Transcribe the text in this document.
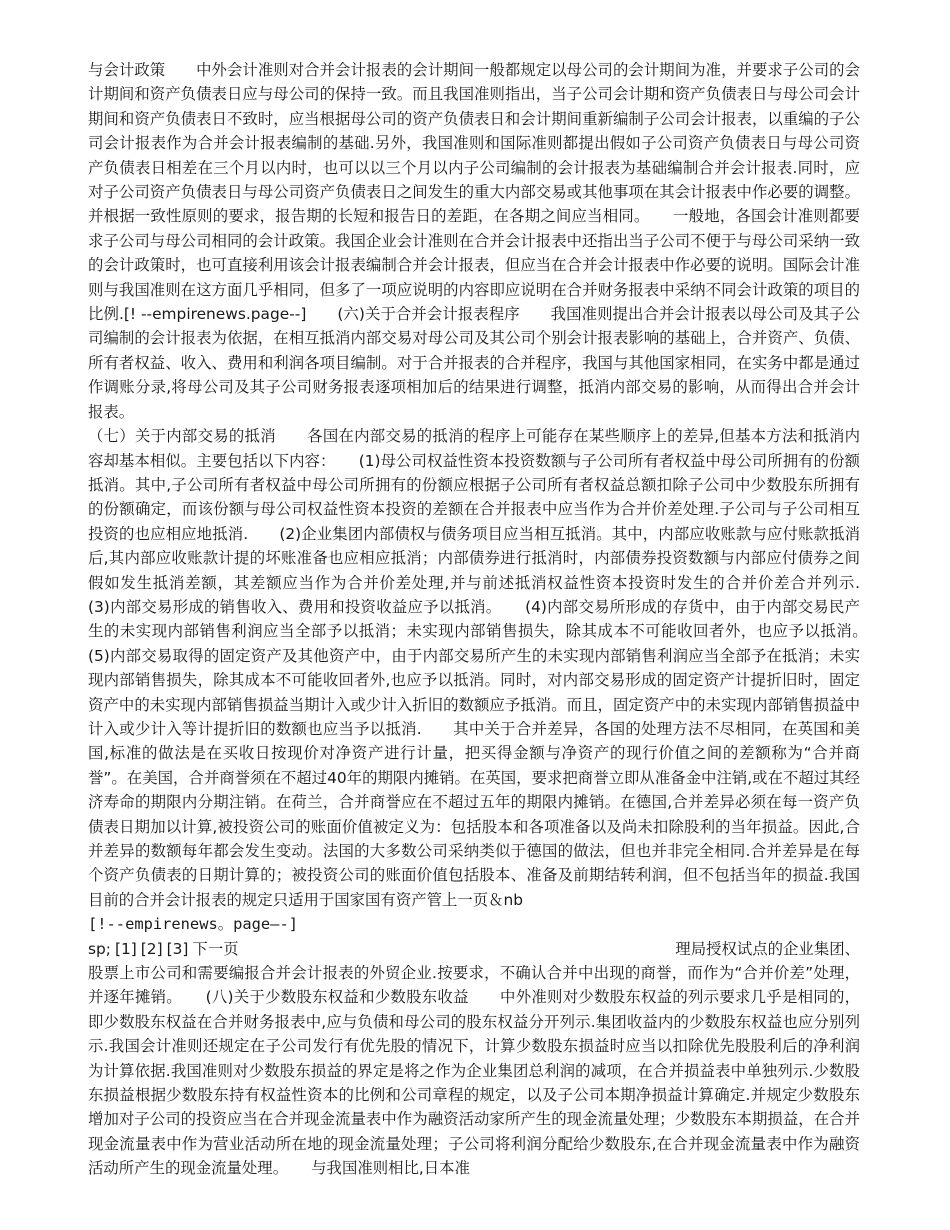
与会计政策　　中外会计准则对合并会计报表的会计期间一般都规定以母公司的会计期间为准，并要求子公司的会计期间和资产负债表日应与母公司的保持一致。而且我国准则指出，当子公司会计期和资产负债表日与母公司会计期间和资产负债表日不致时，应当根据母公司的资产负债表日和会计期间重新编制子公司会计报表，以重编的子公司会计报表作为合并会计报表编制的基础.另外，我国准则和国际准则都提出假如子公司资产负债表日与母公司资产负债表日相差在三个月以内时，也可以以三个月以内子公司编制的会计报表为基础编制合并会计报表.同时，应对子公司资产负债表日与母公司资产负债表日之间发生的重大内部交易或其他事项在其会计报表中作必要的调整。并根据一致性原则的要求，报告期的长短和报告日的差距，在各期之间应当相同。　　一般地，各国会计准则都要求子公司与母公司相同的会计政策。我国企业会计准则在合并会计报表中还指出当子公司不便于与母公司采纳一致的会计政策时，也可直接利用该会计报表编制合并会计报表，但应当在合并会计报表中作必要的说明。国际会计准则与我国准则在这方面几乎相同，但多了一项应说明的内容即应说明在合并财务报表中采纳不同会计政策的项目的比例.[! --empirenews.page--]　　(六)关于合并会计报表程序　　我国准则提出合并会计报表以母公司及其子公司编制的会计报表为依据，在相互抵消内部交易对母公司及其公司个别会计报表影响的基础上，合并资产、负债、所有者权益、收入、费用和利润各项目编制。对于合并报表的合并程序，我国与其他国家相同，在实务中都是通过作调账分录,将母公司及其子公司财务报表逐项相加后的结果进行调整，抵消内部交易的影响，从而得出合并会计报表。

（七）关于内部交易的抵消　　各国在内部交易的抵消的程序上可能存在某些顺序上的差异,但基本方法和抵消内容却基本相似。主要包括以下内容：　　(1)母公司权益性资本投资数额与子公司所有者权益中母公司所拥有的份额抵消。其中,子公司所有者权益中母公司所拥有的份额应根据子公司所有者权益总额扣除子公司中少数股东所拥有的份额确定，而该份额与母公司权益性资本投资的差额在合并报表中应当作为合并价差处理.子公司与子公司相互投资的也应相应地抵消.　　(2)企业集团内部债权与债务项目应当相互抵消。其中，内部应收账款与应付账款抵消后,其内部应收账款计提的坏账准备也应相应抵消；内部债券进行抵消时，内部债券投资数额与内部应付债券之间假如发生抵消差额，其差额应当作为合并价差处理,并与前述抵消权益性资本投资时发生的合并价差合并列示.　　(3)内部交易形成的销售收入、费用和投资收益应予以抵消。　　(4)内部交易所形成的存货中，由于内部交易民产生的未实现内部销售利润应当全部予以抵消；未实现内部销售损失，除其成本不可能收回者外，也应予以抵消。　　(5)内部交易取得的固定资产及其他资产中，由于内部交易所产生的未实现内部销售利润应当全部予在抵消；未实现内部销售损失，除其成本不可能收回者外,也应予以抵消。同时，对内部交易形成的固定资产计提折旧时，固定资产中的未实现内部销售损益当期计入或少计入折旧的数额应予抵消。而且，固定资产中的未实现内部销售损益中计入或少计入等计提折旧的数额也应当予以抵消.　　其中关于合并差异，各国的处理方法不尽相同，在英国和美国,标准的做法是在买收日按现价对净资产进行计量，把买得金额与净资产的现行价值之间的差额称为“合并商誉”。在美国，合并商誉须在不超过40年的期限内摊销。在英国，要求把商誉立即从准备金中注销,或在不超过其经济寿命的期限内分期注销。在荷兰，合并商誉应在不超过五年的期限内摊销。在德国,合并差异必须在每一资产负债表日期加以计算,被投资公司的账面价值被定义为：包括股本和各项准备以及尚未扣除股利的当年损益。因此,合并差异的数额每年都会发生变动。法国的大多数公司采纳类似于德国的做法，但也并非完全相同.合并差异是在每个资产负债表的日期计算的；被投资公司的账面价值包括股本、准备及前期结转利润，但不包括当年的损益.我国目前的合并会计报表的规定只适用于国家国有资产管上一页＆nb

[!--empirenews。page—-]

sp; [1] [2] [3] 下一页	理局授权试点的企业集团、

股票上市公司和需要编报合并会计报表的外贸企业.按要求，不确认合并中出现的商誉，而作为“合并价差”处理，并逐年摊销。　　(八)关于少数股东权益和少数股东收益　　中外准则对少数股东权益的列示要求几乎是相同的，即少数股东权益在合并财务报表中,应与负债和母公司的股东权益分开列示.集团收益内的少数股东权益也应分别列示.我国会计准则还规定在子公司发行有优先股的情况下，计算少数股东损益时应当以扣除优先股股利后的净利润为计算依据.我国准则对少数股东损益的界定是将之作为企业集团总利润的减项，在合并损益表中单独列示.少数股东损益根据少数股东持有权益性资本的比例和公司章程的规定，以及子公司本期净损益计算确定.并规定少数股东增加对子公司的投资应当在合并现金流量表中作为融资活动家所产生的现金流量处理；少数股东本期损益，在合并现金流量表中作为营业活动所在地的现金流量处理；子公司将利润分配给少数股东,在合并现金流量表中作为融资活动所产生的现金流量处理。　　与我国准则相比,日本准
